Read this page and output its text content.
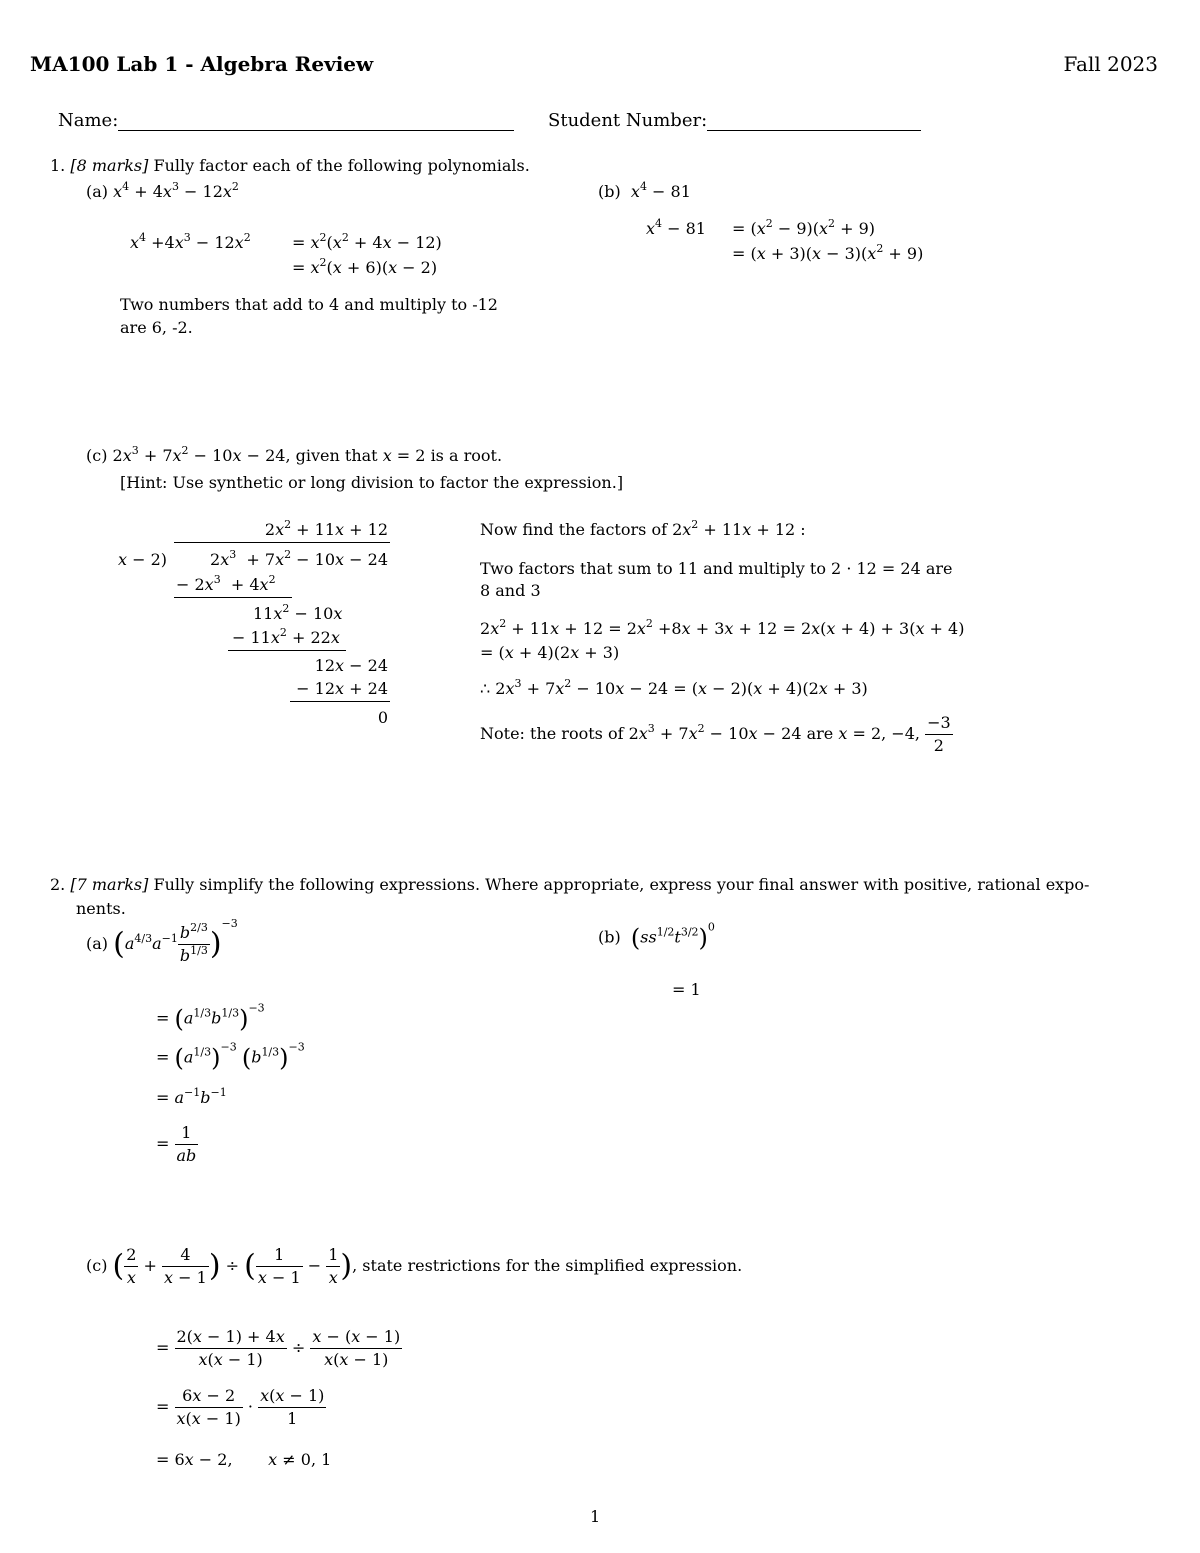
MA100 Lab 1 - Algebra Review	Fall 2023
Name:	Student Number:
1. [8 marks] Fully factor each of the following polynomials.
(a) $x^4 + 4x^3 - 12x^2$
$x^4 +4x^3 - 12x^2$	= $x^2(x^2 + 4x - 12)$
= $x^2(x + 6)(x - 2)$
Two numbers that add to 4 and multiply to -12
are 6, -2.
(b) $x^4 - 81$
$x^4 - 81 = (x^2 - 9)(x^2 + 9)$
= $(x + 3)(x - 3)(x^2 + 9)$
(c) $2x^3 + 7x^2 - 10x - 24$, given that x = 2 is a root.
[Hint: Use synthetic or long division to factor the expression.]
$2x^2 + 11x + 12$
x − 2)	$2x^3 + 7x^2 - 10x - 24$
− $2x^3 + 4x^2$
$11x^2 - 10x$
− $11x^2 + 22x$
12x − 24
− 12x + 24
0
Now find the factors of $2x^2 + 11x + 12$ :
Two factors that sum to 11 and multiply to 2 · 12 = 24 are
8 and 3
$2x^2 + 11x + 12 = 2x^2 +8x + 3x + 12 = 2x(x + 4) + 3(x + 4)$
= (x + 4)(2x + 3)
∴ $2x^3 + 7x^2 - 10x - 24 = (x - 2)(x + 4)(2x + 3)$
Note: the roots of $2x^3 + 7x^2 - 10x - 24$ are x = 2, −4, $\frac{-3}{2}$
2. [7 marks] Fully simplify the following expressions. Where appropriate, express your final answer with positive, rational expo-
nents.
(a) $(a^{4/3}a^{-1} \frac{b^{2/3}}{b^{1/3}} )^{-3}$
= $(a^{1/3}b^{1/3})^{-3}$
= $(a^{1/3})^{-3}$ $(b^{1/3})^{-3}$
= $a^{-1}b^{-1}$
= $\frac{1}{ab}$
(b) $(ss^{1/2}t^{3/2})^0$
= 1
(c) ( $\frac{2}{x} + \frac{4}{x - 1}$ ) ÷ ( $\frac{1}{x - 1} - \frac{1}{x}$ ), state restrictions for the simplified expression.
= $\frac{2(x - 1) + 4x}{x(x - 1)} \div \frac{x - (x - 1)}{x(x - 1)}$
= $\frac{6x - 2}{x(x - 1)} \cdot \frac{x(x - 1)}{1}$
= 6x − 2,       x ≠ 0, 1
1
